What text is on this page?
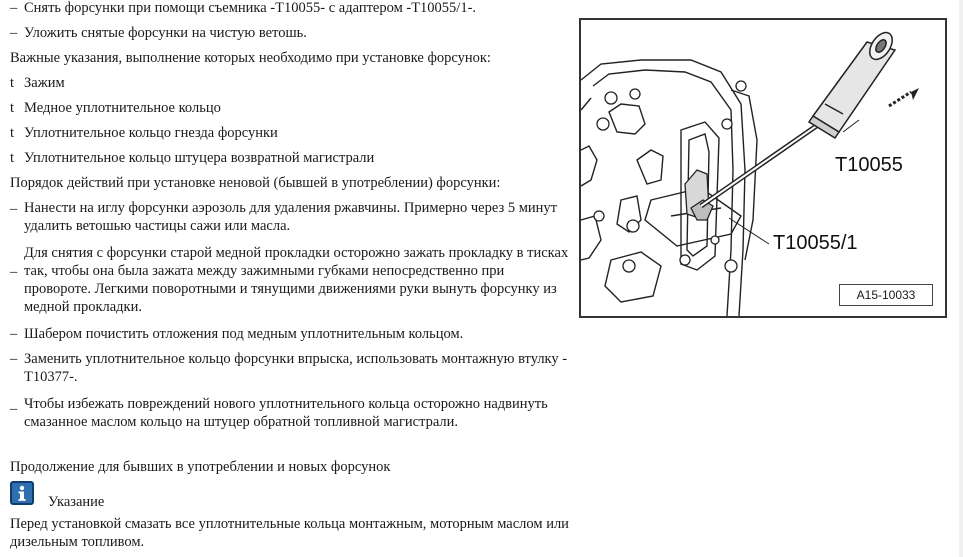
– Снять форсунки при помощи съемника -T10055- с адаптером -T10055/1-.
– Уложить снятые форсунки на чистую ветошь.
Важные указания, выполнение которых необходимо при установке форсунок:
t Зажим
t Медное уплотнительное кольцо
t Уплотнительное кольцо гнезда форсунки
t Уплотнительное кольцо штуцера возвратной магистрали
Порядок действий при установке неновой (бывшей в употреблении) форсунки:
– Нанести на иглу форсунки аэрозоль для удаления ржавчины. Примерно через 5 минут удалить ветошью частицы сажи или масла.
–
Для снятия с форсунки старой медной прокладки осторожно зажать прокладку в тисках так, чтобы она была зажата между зажимными губками непосредственно при провороте. Легкими поворотными и тянущими движениями руки вынуть форсунку из медной прокладки.
– Шабером почистить отложения под медным уплотнительным кольцом.
– Заменить уплотнительное кольцо форсунки впрыска, использовать монтажную втулку -T10377-.
– Чтобы избежать повреждений нового уплотнительного кольца осторожно надвинуть смазанное маслом кольцо на штуцер обратной топливной магистрали.
Продолжение для бывших в употреблении и новых форсунок
Указание
Перед установкой смазать все уплотнительные кольца монтажным, моторным маслом или дизельным топливом.
T10055
T10055/1
A15-10033
